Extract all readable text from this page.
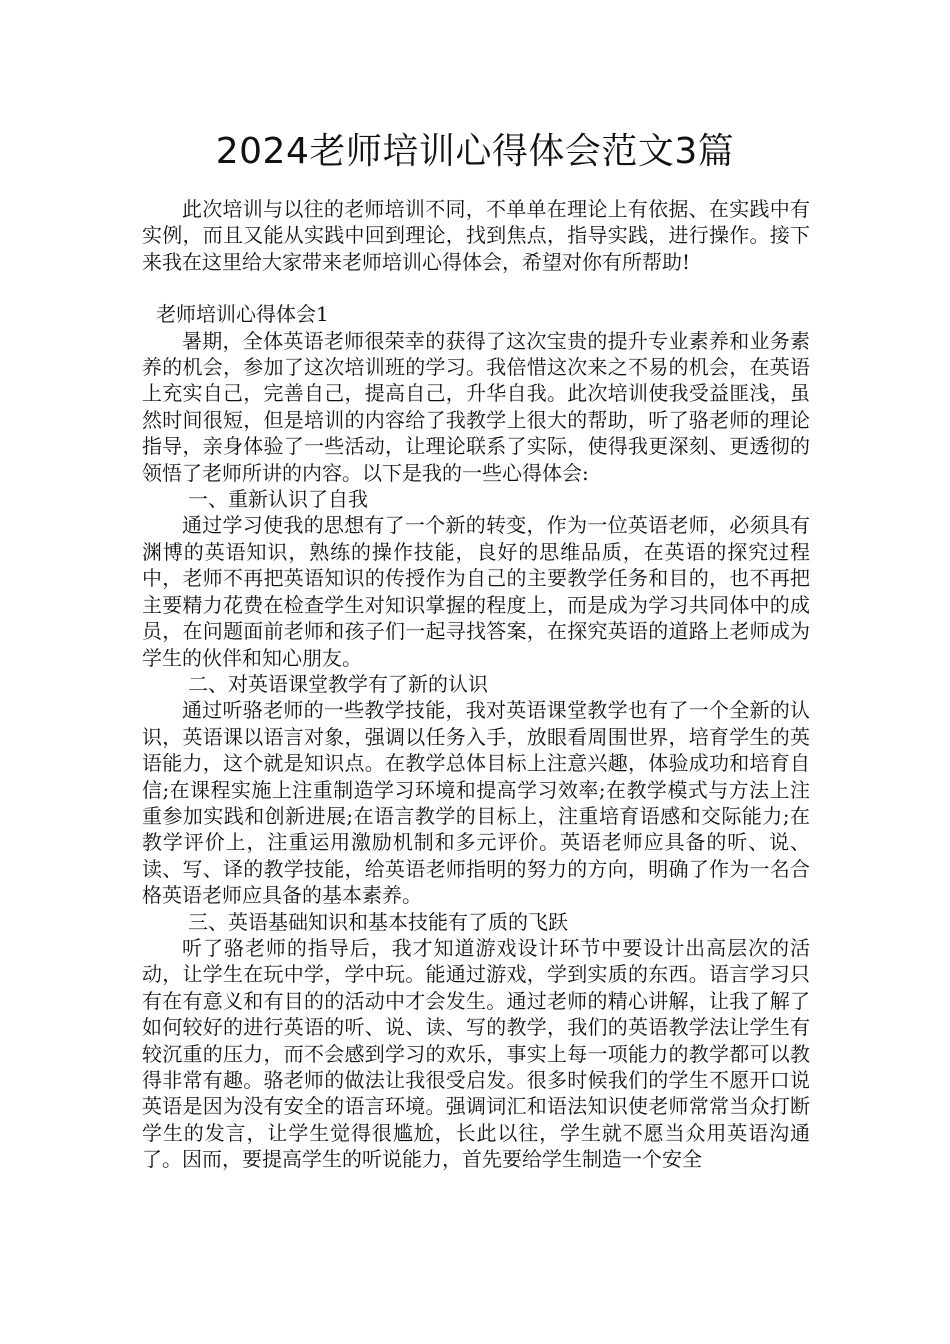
2024老师培训心得体会范文3篇

此次培训与以往的老师培训不同，不单单在理论上有依据、在实践中有实例，而且又能从实践中回到理论，找到焦点，指导实践，进行操作。接下来我在这里给大家带来老师培训心得体会，希望对你有所帮助!

老师培训心得体会1

暑期，全体英语老师很荣幸的获得了这次宝贵的提升专业素养和业务素养的机会，参加了这次培训班的学习。我倍惜这次来之不易的机会，在英语上充实自己，完善自己，提高自己，升华自我。此次培训使我受益匪浅，虽然时间很短，但是培训的内容给了我教学上很大的帮助，听了骆老师的理论指导，亲身体验了一些活动，让理论联系了实际，使得我更深刻、更透彻的领悟了老师所讲的内容。以下是我的一些心得体会:

一、重新认识了自我

通过学习使我的思想有了一个新的转变，作为一位英语老师，必须具有渊博的英语知识，熟练的操作技能，良好的思维品质，在英语的探究过程中，老师不再把英语知识的传授作为自己的主要教学任务和目的，也不再把主要精力花费在检查学生对知识掌握的程度上，而是成为学习共同体中的成员，在问题面前老师和孩子们一起寻找答案，在探究英语的道路上老师成为学生的伙伴和知心朋友。

二、对英语课堂教学有了新的认识

通过听骆老师的一些教学技能，我对英语课堂教学也有了一个全新的认识，英语课以语言对象，强调以任务入手，放眼看周围世界，培育学生的英语能力，这个就是知识点。在教学总体目标上注意兴趣，体验成功和培育自信;在课程实施上注重制造学习环境和提高学习效率;在教学模式与方法上注重参加实践和创新进展;在语言教学的目标上，注重培育语感和交际能力;在教学评价上，注重运用激励机制和多元评价。英语老师应具备的听、说、读、写、译的教学技能，给英语老师指明的努力的方向，明确了作为一名合格英语老师应具备的基本素养。

三、英语基础知识和基本技能有了质的飞跃

听了骆老师的指导后，我才知道游戏设计环节中要设计出高层次的活动，让学生在玩中学，学中玩。能通过游戏，学到实质的东西。语言学习只有在有意义和有目的的活动中才会发生。通过老师的精心讲解，让我了解了如何较好的进行英语的听、说、读、写的教学，我们的英语教学法让学生有较沉重的压力，而不会感到学习的欢乐，事实上每一项能力的教学都可以教得非常有趣。骆老师的做法让我很受启发。很多时候我们的学生不愿开口说英语是因为没有安全的语言环境。强调词汇和语法知识使老师常常当众打断学生的发言，让学生觉得很尴尬，长此以往，学生就不愿当众用英语沟通了。因而，要提高学生的听说能力，首先要给学生制造一个安全
